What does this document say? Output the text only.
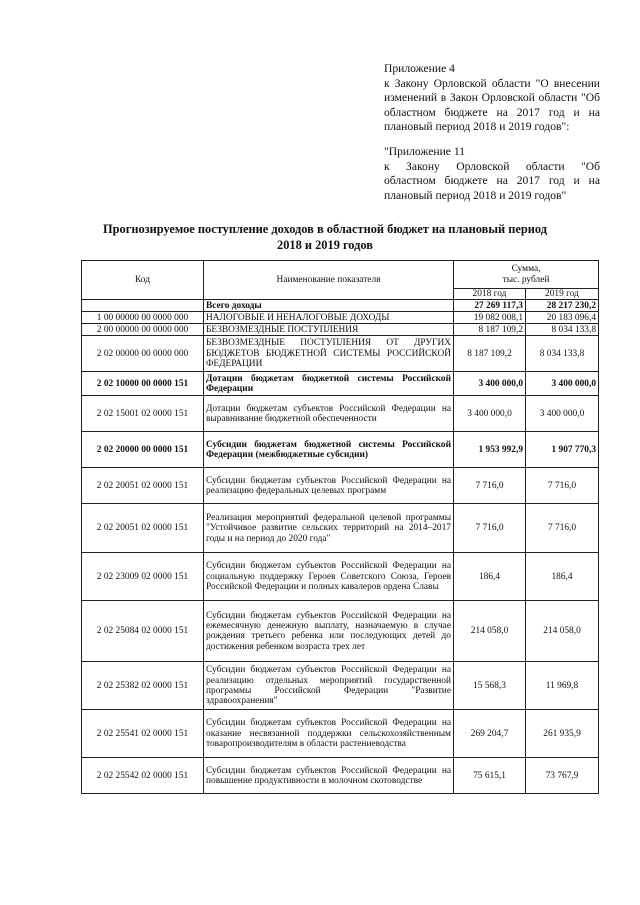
Приложение 4

к Закону Орловской области "О внесении изменений в Закон Орловской области "Об областном бюджете на 2017 год и на плановый период 2018 и 2019 годов":

"Приложение 11

к Закону Орловской области "Об областном бюджете на 2017 год и на плановый период 2018 и 2019 годов"

Прогнозируемое поступление доходов в областной бюджет на плановый период 2018 и 2019 годов
Код	Наименование показателя	Сумма,
тыс. рублей	

		2018 год	2019 год
	Всего доходы	27 269 117,3	28 217 230,2
1 00 00000 00 0000 000	НАЛОГОВЫЕ И НЕНАЛОГОВЫЕ ДОХОДЫ	19 082 008,1	20 183 096,4
2 00 00000 00 0000 000	БЕЗВОЗМЕЗДНЫЕ ПОСТУПЛЕНИЯ	8 187 109,2	8 034 133,8
2 02 00000 00 0000 000	БЕЗВОЗМЕЗДНЫЕ ПОСТУПЛЕНИЯ ОТ ДРУГИХ БЮДЖЕТОВ БЮДЖЕТНОЙ СИСТЕМЫ РОССИЙСКОЙ ФЕДЕРАЦИИ	8 187 109,2	8 034 133,8
2 02 10000 00 0000 151	Дотации бюджетам бюджетной системы Российской Федерации	3 400 000,0	3 400 000,0
2 02 15001 02 0000 151	Дотации бюджетам субъектов Российской Федерации на выравнивание бюджетной обеспеченности	3 400 000,0	3 400 000,0
2 02 20000 00 0000 151	Субсидии бюджетам бюджетной системы Российской Федерации (межбюджетные субсидии)	1 953 992,9	1 907 770,3
2 02 20051 02 0000 151	Субсидии бюджетам субъектов Российской Федерации на реализацию федеральных целевых программ	7 716,0	7 716,0
2 02 20051 02 0000 151	Реализация мероприятий федеральной целевой программы "Устойчивое развитие сельских территорий на 2014–2017 годы и на период до 2020 года"	7 716,0	7 716,0
2 02 23009 02 0000 151	Субсидии бюджетам субъектов Российской Федерации на социальную поддержку Героев Советского Союза, Героев Российской Федерации и полных кавалеров ордена Славы	186,4	186,4
2 02 25084 02 0000 151	Субсидии бюджетам субъектов Российской Федерации на ежемесячную денежную выплату, назначаемую в случае рождения третьего ребенка или последующих детей до достижения ребенком возраста трех лет	214 058,0	214 058,0
2 02 25382 02 0000 151	Субсидии бюджетам субъектов Российской Федерации на реализацию отдельных мероприятий государственной программы Российской Федерации "Развитие здравоохранения"	15 568,3	11 969,8
2 02 25541 02 0000 151	Субсидии бюджетам субъектов Российской Федерации на оказание несвязанной поддержки сельскохозяйственным товаропроизводителям в области растениеводства	269 204,7	261 935,9
2 02 25542 02 0000 151	Субсидии бюджетам субъектов Российской Федерации на повышение продуктивности в молочном скотоводстве	75 615,1	73 767,9
